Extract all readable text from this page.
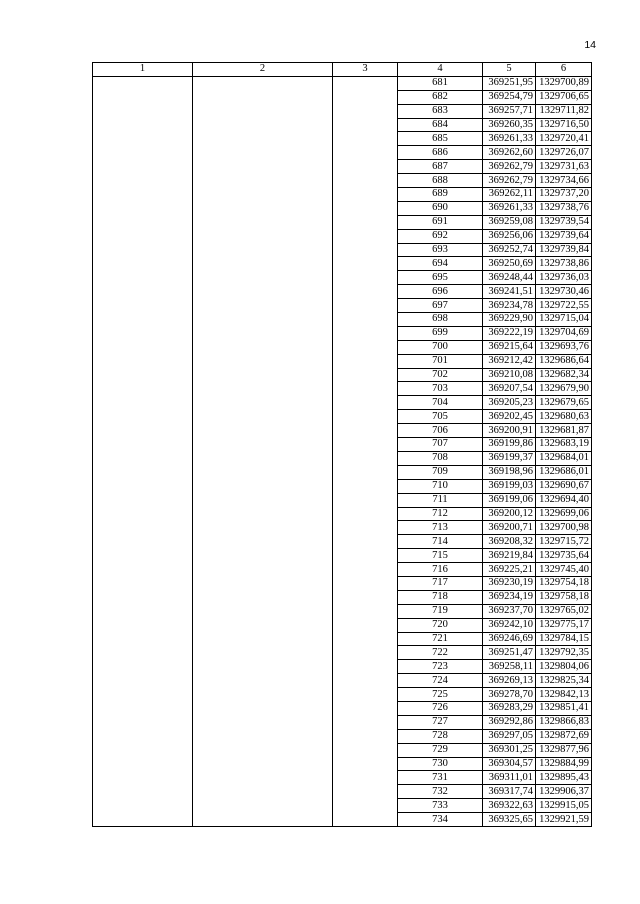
14
1	2	3	4	5	6
			681	369251,95	1329700,89
			682	369254,79	1329706,65
			683	369257,71	1329711,82
			684	369260,35	1329716,50
			685	369261,33	1329720,41
			686	369262,60	1329726,07
			687	369262,79	1329731,63
			688	369262,79	1329734,66
			689	369262,11	1329737,20
			690	369261,33	1329738,76
			691	369259,08	1329739,54
			692	369256,06	1329739,64
			693	369252,74	1329739,84
			694	369250,69	1329738,86
			695	369248,44	1329736,03
			696	369241,51	1329730,46
			697	369234,78	1329722,55
			698	369229,90	1329715,04
			699	369222,19	1329704,69
			700	369215,64	1329693,76
			701	369212,42	1329686,64
			702	369210,08	1329682,34
			703	369207,54	1329679,90
			704	369205,23	1329679,65
			705	369202,45	1329680,63
			706	369200,91	1329681,87
			707	369199,86	1329683,19
			708	369199,37	1329684,01
			709	369198,96	1329686,01
			710	369199,03	1329690,67
			711	369199,06	1329694,40
			712	369200,12	1329699,06
			713	369200,71	1329700,98
			714	369208,32	1329715,72
			715	369219,84	1329735,64
			716	369225,21	1329745,40
			717	369230,19	1329754,18
			718	369234,19	1329758,18
			719	369237,70	1329765,02
			720	369242,10	1329775,17
			721	369246,69	1329784,15
			722	369251,47	1329792,35
			723	369258,11	1329804,06
			724	369269,13	1329825,34
			725	369278,70	1329842,13
			726	369283,29	1329851,41
			727	369292,86	1329866,83
			728	369297,05	1329872,69
			729	369301,25	1329877,96
			730	369304,57	1329884,99
			731	369311,01	1329895,43
			732	369317,74	1329906,37
			733	369322,63	1329915,05
			734	369325,65	1329921,59
